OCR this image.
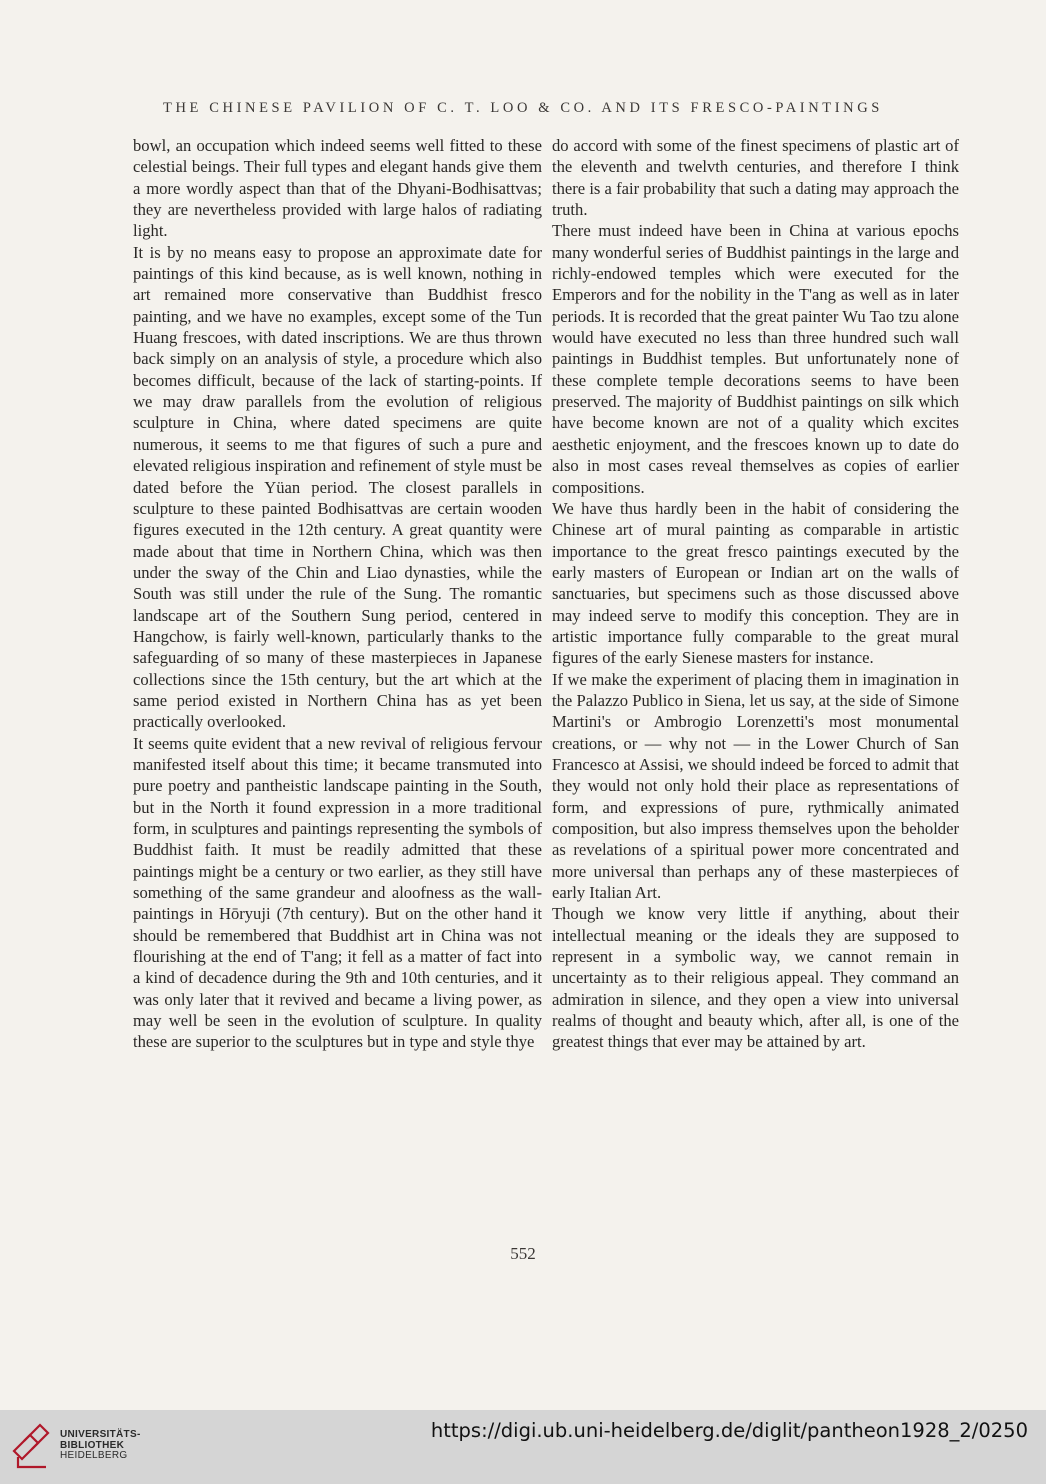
THE CHINESE PAVILION OF C. T. LOO & CO. AND ITS FRESCO-PAINTINGS

bowl, an occupation which indeed seems well fitted to these celestial beings. Their full types and elegant hands give them a more wordly aspect than that of the Dhyani-Bodhisattvas; they are nevertheless provided with large halos of radiating light.

It is by no means easy to propose an approximate date for paintings of this kind because, as is well known, nothing in art remained more conservative than Buddhist fresco painting, and we have no examples, except some of the Tun Huang frescoes, with dated inscriptions. We are thus thrown back simply on an analysis of style, a procedure which also becomes difficult, because of the lack of starting-points. If we may draw parallels from the evolution of religious sculpture in China, where dated specimens are quite numerous, it seems to me that figures of such a pure and elevated religious inspiration and refinement of style must be dated before the Yüan period. The closest parallels in sculpture to these painted Bodhisattvas are certain wooden figures executed in the 12th century. A great quantity were made about that time in Northern China, which was then under the sway of the Chin and Liao dynasties, while the South was still under the rule of the Sung. The romantic landscape art of the Southern Sung period, centered in Hangchow, is fairly well-known, particularly thanks to the safeguarding of so many of these masterpieces in Japanese collections since the 15th century, but the art which at the same period existed in Northern China has as yet been practically overlooked.

It seems quite evident that a new revival of religious fervour manifested itself about this time; it became transmuted into pure poetry and pantheistic landscape painting in the South, but in the North it found expression in a more traditional form, in sculptures and paintings representing the symbols of Buddhist faith. It must be readily admitted that these paintings might be a century or two earlier, as they still have something of the same grandeur and aloofness as the wall-paintings in Hōryuji (7th century). But on the other hand it should be remembered that Buddhist art in China was not flourishing at the end of T'ang; it fell as a matter of fact into a kind of decadence during the 9th and 10th centuries, and it was only later that it revived and became a living power, as may well be seen in the evolution of sculpture. In quality these are superior to the sculptures but in type and style thye

do accord with some of the finest specimens of plastic art of the eleventh and twelvth centuries, and therefore I think there is a fair probability that such a dating may approach the truth.

There must indeed have been in China at various epochs many wonderful series of Buddhist paintings in the large and richly-endowed temples which were executed for the Emperors and for the nobility in the T'ang as well as in later periods. It is recorded that the great painter Wu Tao tzu alone would have executed no less than three hundred such wall paintings in Buddhist temples. But unfortunately none of these complete temple decorations seems to have been preserved. The majority of Buddhist paintings on silk which have become known are not of a quality which excites aesthetic enjoyment, and the frescoes known up to date do also in most cases reveal themselves as copies of earlier compositions.

We have thus hardly been in the habit of considering the Chinese art of mural painting as comparable in artistic importance to the great fresco paintings executed by the early masters of European or Indian art on the walls of sanctuaries, but specimens such as those discussed above may indeed serve to modify this conception. They are in artistic importance fully comparable to the great mural figures of the early Sienese masters for instance.

If we make the experiment of placing them in imagination in the Palazzo Publico in Siena, let us say, at the side of Simone Martini's or Ambrogio Lorenzetti's most monumental creations, or — why not — in the Lower Church of San Francesco at Assisi, we should indeed be forced to admit that they would not only hold their place as representations of form, and expressions of pure, rythmically animated composition, but also impress themselves upon the beholder as revelations of a spiritual power more concentrated and more universal than perhaps any of these masterpieces of early Italian Art.

Though we know very little if anything, about their intellectual meaning or the ideals they are supposed to represent in a symbolic way, we cannot remain in uncertainty as to their religious appeal. They command an admiration in silence, and they open a view into universal realms of thought and beauty which, after all, is one of the greatest things that ever may be attained by art.

552
UNIVERSITÄTS-
BIBLIOTHEK
HEIDELBERG
https://digi.ub.uni-heidelberg.de/diglit/pantheon1928_2/0250
